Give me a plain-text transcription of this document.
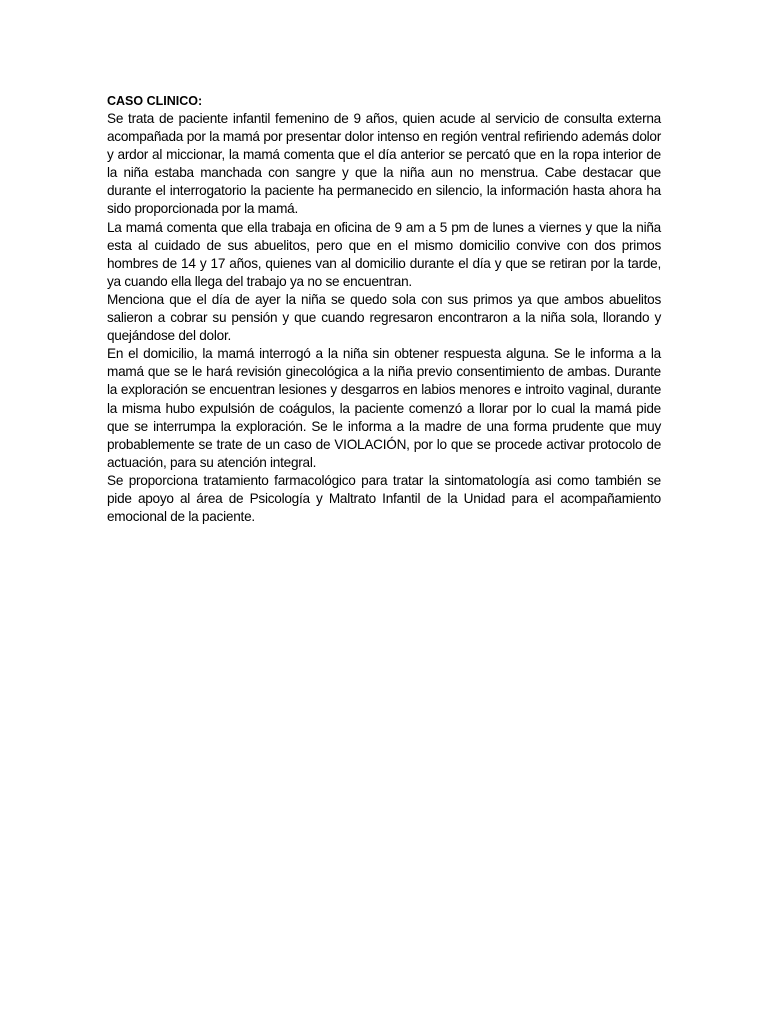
CASO CLINICO:

Se trata de paciente infantil femenino de 9 años, quien acude al servicio de consulta externa acompañada por la mamá por presentar dolor intenso en región ventral refiriendo además dolor y ardor al miccionar, la mamá comenta que el día anterior se percató que en la ropa interior de la niña estaba manchada con sangre y que la niña aun no menstrua. Cabe destacar que durante el interrogatorio la paciente ha permanecido en silencio, la información hasta ahora ha sido proporcionada por la mamá.

La mamá comenta que ella trabaja en oficina de 9 am a 5 pm de lunes a viernes y que la niña esta al cuidado de sus abuelitos, pero que en el mismo domicilio convive con dos primos hombres de 14 y 17 años, quienes van al domicilio durante el día y que se retiran por la tarde, ya cuando ella llega del trabajo ya no se encuentran.

Menciona que el día de ayer la niña se quedo sola con sus primos ya que ambos abuelitos salieron a cobrar su pensión y que cuando regresaron encontraron a la niña sola, llorando y quejándose del dolor.

En el domicilio, la mamá interrogó a la niña sin obtener respuesta alguna. Se le informa a la mamá que se le hará revisión ginecológica a la niña previo consentimiento de ambas. Durante la exploración se encuentran lesiones y desgarros en labios menores e introito vaginal, durante la misma hubo expulsión de coágulos, la paciente comenzó a llorar por lo cual la mamá pide que se interrumpa la exploración. Se le informa a la madre de una forma prudente que muy probablemente se trate de un caso de VIOLACIÓN, por lo que se procede activar protocolo de actuación, para su atención integral.

Se proporciona tratamiento farmacológico para tratar la sintomatología asi como también se pide apoyo al área de Psicología y Maltrato Infantil de la Unidad para el acompañamiento emocional de la paciente.
